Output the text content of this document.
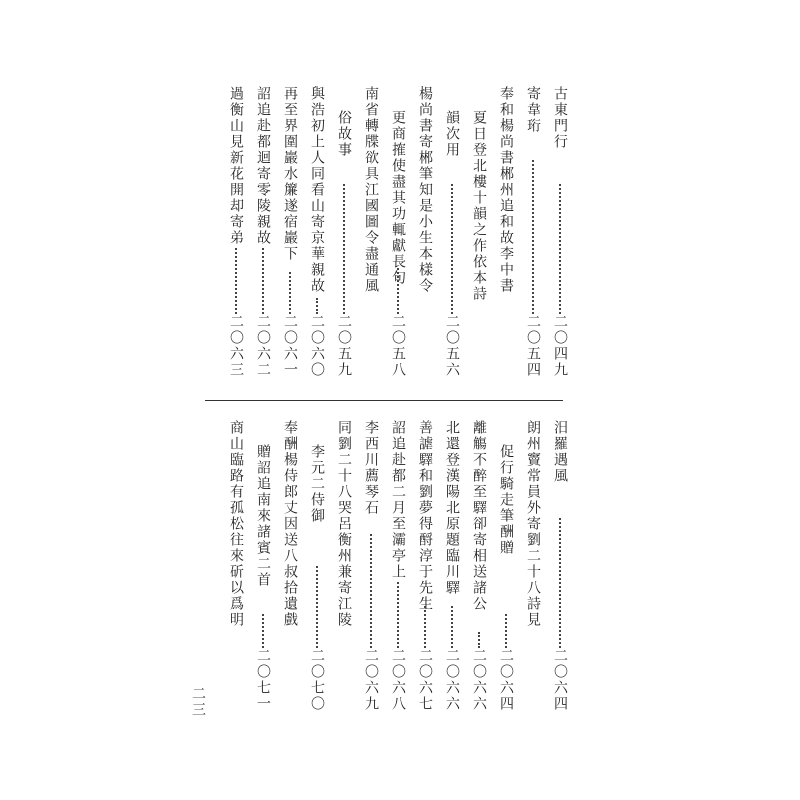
古東門行
二〇四九
寄韋珩
二〇五四
奉和楊尚書郴州追和故李中書
夏日登北樓十韻之作依本詩
韻次用
二〇五六
楊尚書寄郴筆知是小生本樣令
更商搉使盡其功輒獻長句
二〇五八
南省轉牒欲具江國圖令盡通風
俗故事
二〇五九
與浩初上人同看山寄京華親故
二〇六〇
再至界圍巖水簾遂宿巖下
二〇六一
詔追赴都迴寄零陵親故
二〇六二
過衡山見新花開却寄弟
二〇六三
汨羅遇風
二〇六四
朗州竇常員外寄劉二十八詩見
促行騎走筆酬贈
二〇六四
離觴不醉至驛卻寄相送諸公
二〇六六
北還登漢陽北原題臨川驛
二〇六六
善謔驛和劉夢得酹淳于先生
二〇六七
詔追赴都二月至灞亭上
二〇六八
李西川薦琴石
二〇六九
同劉二十八哭呂衡州兼寄江陵
李元二侍御
二〇七〇
奉酬楊侍郎丈因送八叔拾遺戲
贈詔追南來諸賓二首
二〇七一
商山臨路有孤松往來斫以爲明
二三
